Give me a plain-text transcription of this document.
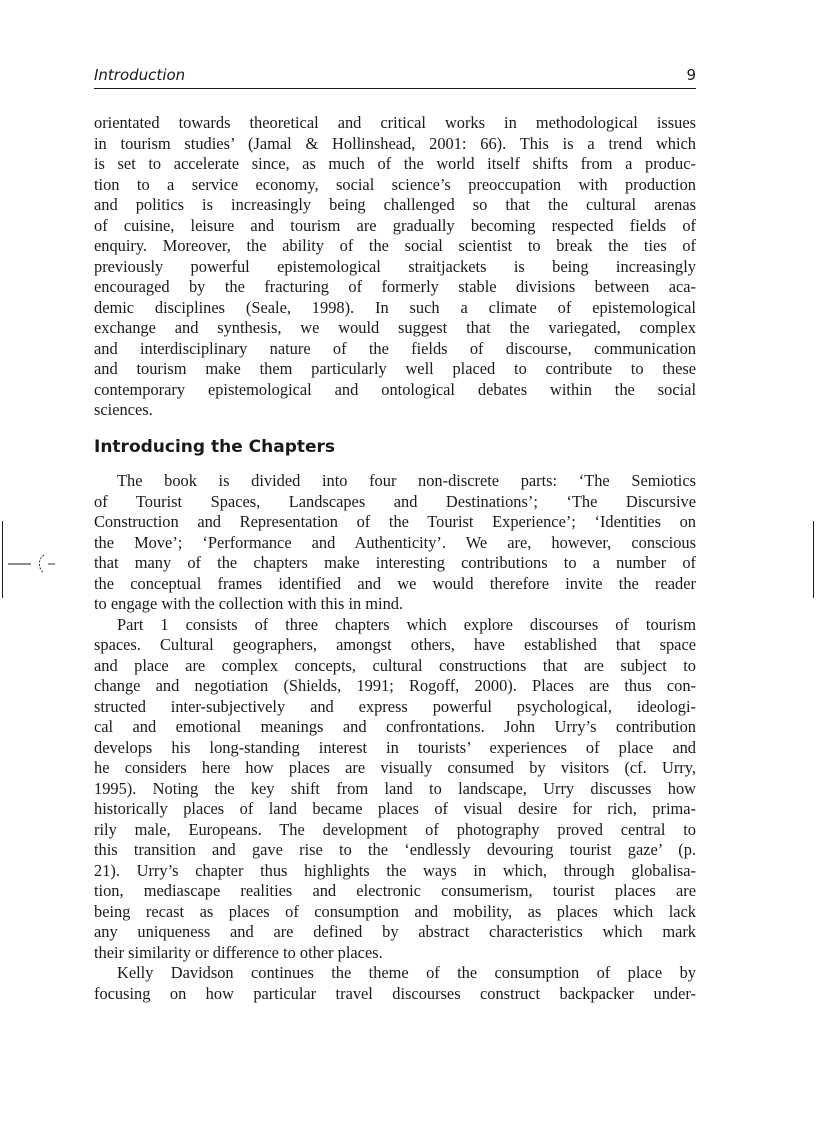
Introduction	9
orientated towards theoretical and critical works in methodological issues
in tourism studies’ (Jamal & Hollinshead, 2001: 66). This is a trend which
is set to accelerate since, as much of the world itself shifts from a produc-
tion to a service economy, social science’s preoccupation with production
and politics is increasingly being challenged so that the cultural arenas
of cuisine, leisure and tourism are gradually becoming respected fields of
enquiry. Moreover, the ability of the social scientist to break the ties of
previously powerful epistemological straitjackets is being increasingly
encouraged by the fracturing of formerly stable divisions between aca-
demic disciplines (Seale, 1998). In such a climate of epistemological
exchange and synthesis, we would suggest that the variegated, complex
and interdisciplinary nature of the fields of discourse, communication
and tourism make them particularly well placed to contribute to these
contemporary epistemological and ontological debates within the social
sciences.
Introducing the Chapters
The book is divided into four non-discrete parts: ‘The Semiotics
of Tourist Spaces, Landscapes and Destinations’; ‘The Discursive
Construction and Representation of the Tourist Experience’; ‘Identities on
the Move’; ‘Performance and Authenticity’. We are, however, conscious
that many of the chapters make interesting contributions to a number of
the conceptual frames identified and we would therefore invite the reader
to engage with the collection with this in mind.
Part 1 consists of three chapters which explore discourses of tourism
spaces. Cultural geographers, amongst others, have established that space
and place are complex concepts, cultural constructions that are subject to
change and negotiation (Shields, 1991; Rogoff, 2000). Places are thus con-
structed inter-subjectively and express powerful psychological, ideologi-
cal and emotional meanings and confrontations. John Urry’s contribution
develops his long-standing interest in tourists’ experiences of place and
he considers here how places are visually consumed by visitors (cf. Urry,
1995). Noting the key shift from land to landscape, Urry discusses how
historically places of land became places of visual desire for rich, prima-
rily male, Europeans. The development of photography proved central to
this transition and gave rise to the ‘endlessly devouring tourist gaze’ (p.
21). Urry’s chapter thus highlights the ways in which, through globalisa-
tion, mediascape realities and electronic consumerism, tourist places are
being recast as places of consumption and mobility, as places which lack
any uniqueness and are defined by abstract characteristics which mark
their similarity or difference to other places.
Kelly Davidson continues the theme of the consumption of place by
focusing on how particular travel discourses construct backpacker under-
